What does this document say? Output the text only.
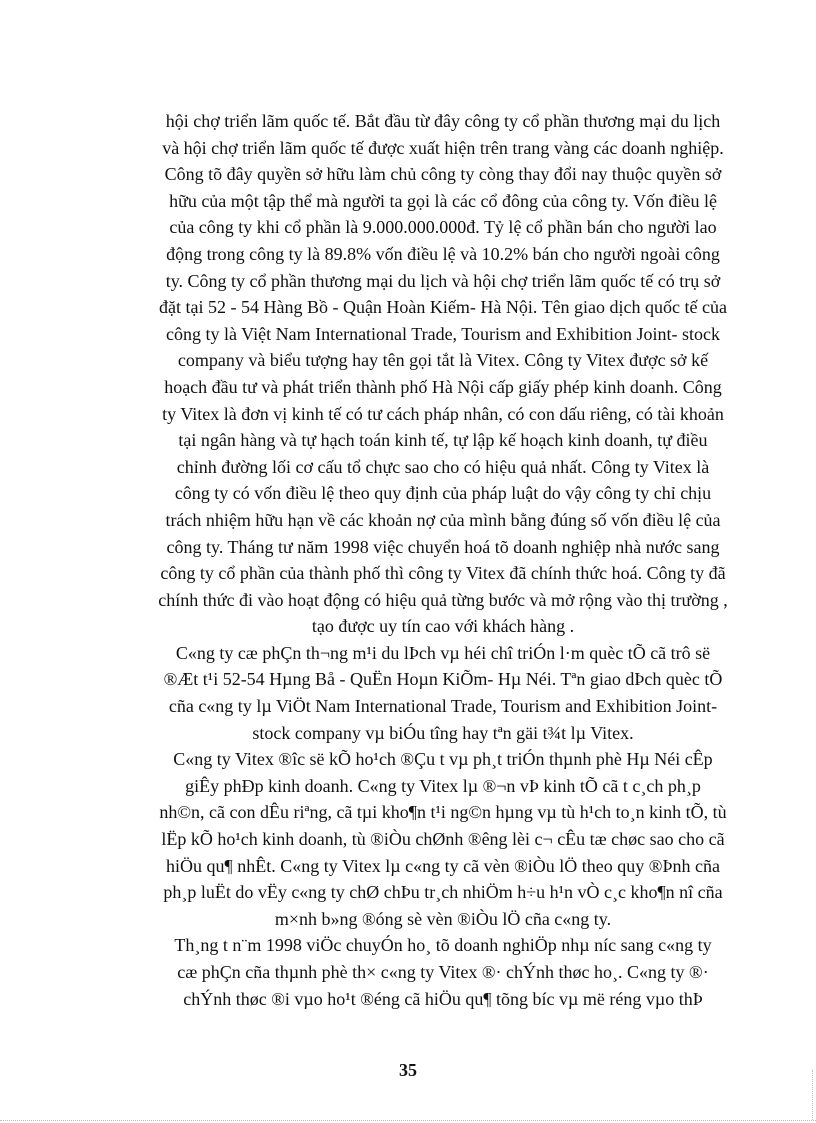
hội chợ triển lãm quốc tế. Bắt đầu từ đây công ty cổ phần thương mại du lịch
và hội chợ triển lãm quốc tế được xuất hiện trên trang vàng các doanh nghiệp.
Công tõ đây quyền sở hữu làm chủ công ty còng thay đổi nay thuộc quyền sở
hữu của một tập thể mà người ta gọi là các cổ đông của công ty. Vốn điều lệ
của công ty khi cổ phần là 9.000.000.000đ. Tỷ lệ cổ phần bán cho người lao
động trong công ty là 89.8% vốn điều lệ và 10.2% bán cho người ngoài công
ty. Công ty cổ phần thương mại du lịch và hội chợ triển lãm quốc tế có trụ sở
đặt tại 52 - 54 Hàng Bồ - Quận Hoàn Kiếm- Hà Nội. Tên giao dịch quốc tế của
công ty là Việt Nam International Trade, Tourism and Exhibition Joint- stock
company và biểu tượng hay tên gọi tắt là Vitex. Công ty Vitex được sở kế
hoạch đầu tư và phát triển thành phố Hà Nội cấp giấy phép kinh doanh. Công
ty Vitex là đơn vị kinh tế có tư cách pháp nhân, có con dấu riêng, có tài khoản
tại ngân hàng và tự hạch toán kinh tế, tự lập kế hoạch kinh doanh, tự điều
chỉnh đường lối cơ cấu tổ chực sao cho có hiệu quả nhất. Công ty Vitex là
công ty có vốn điều lệ theo quy định của pháp luật do vậy công ty chỉ chịu
trách nhiệm hữu hạn về các khoản nợ của mình bằng đúng số vốn điều lệ của
công ty. Tháng tư năm 1998 việc chuyển hoá tõ doanh nghiệp nhà nước sang
công ty cổ phần của thành phố thì công ty Vitex đã chính thức hoá. Công ty đã
chính thức đi vào hoạt động có hiệu quả từng bước và mở rộng vào thị trường ,
tạo được uy tín cao với khách hàng .

C«ng ty cæ phÇn th¬ng m¹i du lÞch vµ héi chî triÓn l·m quèc tÕ cã trô së
®Æt t¹i 52-54 Hµng Bå - QuËn Hoµn KiÕm- Hµ Néi. Tªn giao dÞch quèc tÕ
cña c«ng ty lµ ViÖt Nam International Trade, Tourism and Exhibition Joint-
stock company vµ biÓu tîng hay tªn gäi t¾t lµ Vitex.

C«ng ty Vitex ®îc së kÕ ho¹ch ®Çu t vµ ph¸t triÓn thµnh phè Hµ Néi cÊp
giÊy phÐp kinh doanh. C«ng ty Vitex lµ ®¬n vÞ kinh tÕ cã t c¸ch ph¸p
nh©n, cã con dÊu riªng, cã tµi kho¶n t¹i ng©n hµng vµ tù h¹ch to¸n kinh tÕ, tù
lËp kÕ ho¹ch kinh doanh, tù ®iÒu chØnh ®êng lèi c¬ cÊu tæ chøc sao cho cã
hiÖu qu¶ nhÊt. C«ng ty Vitex lµ c«ng ty cã vèn ®iÒu lÖ theo quy ®Þnh cña
ph¸p luËt do vËy c«ng ty chØ chÞu tr¸ch nhiÖm h÷u h¹n vÒ c¸c kho¶n nî cña
m×nh b»ng ®óng sè vèn ®iÒu lÖ cña c«ng ty.

Th¸ng t n¨m 1998 viÖc chuyÓn ho¸ tõ doanh nghiÖp nhµ níc sang c«ng ty
cæ phÇn cña thµnh phè th× c«ng ty Vitex ®· chÝnh thøc ho¸. C«ng ty ®·
chÝnh thøc ®i vµo ho¹t ®éng cã hiÖu qu¶ tõng bíc vµ më réng vµo thÞ

35
